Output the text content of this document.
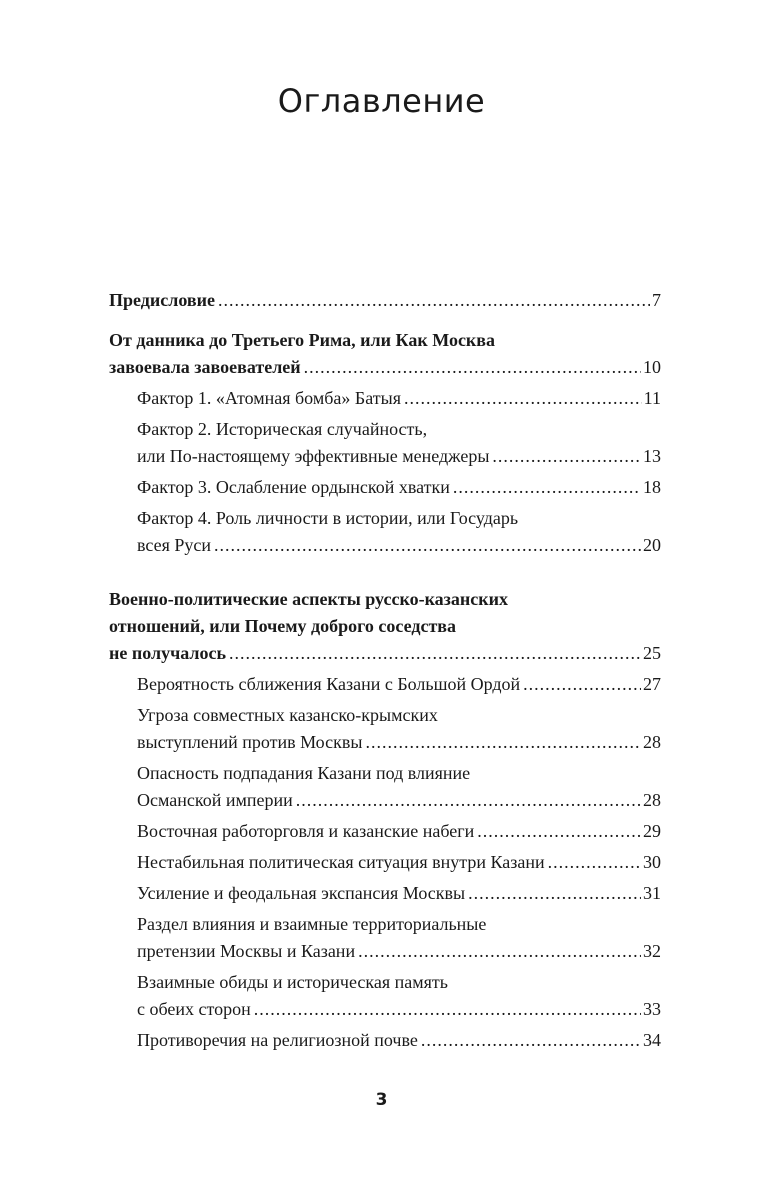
Оглавление
Предисловие .....	7
От данника до Третьего Рима, или Как Москва
завоевала завоевателей .....	10
Фактор 1. «Атомная бомба» Батыя .....	11
Фактор 2. Историческая случайность,
или По-настоящему эффективные менеджеры .....	13
Фактор 3. Ослабление ордынской хватки .....	18
Фактор 4. Роль личности в истории, или Государь
всея Руси .....	20
Военно-политические аспекты русско-казанских
отношений, или Почему доброго соседства
не получалось .....	25
Вероятность сближения Казани с Большой Ордой .....	27
Угроза совместных казанско-крымских
выступлений против Москвы .....	28
Опасность подпадания Казани под влияние
Османской империи .....	28
Восточная работорговля и казанские набеги .....	29
Нестабильная политическая ситуация внутри Казани .....	30
Усиление и феодальная экспансия Москвы .....	31
Раздел влияния и взаимные территориальные
претензии Москвы и Казани .....	32
Взаимные обиды и историческая память
с обеих сторон .....	33
Противоречия на религиозной почве .....	34
3
